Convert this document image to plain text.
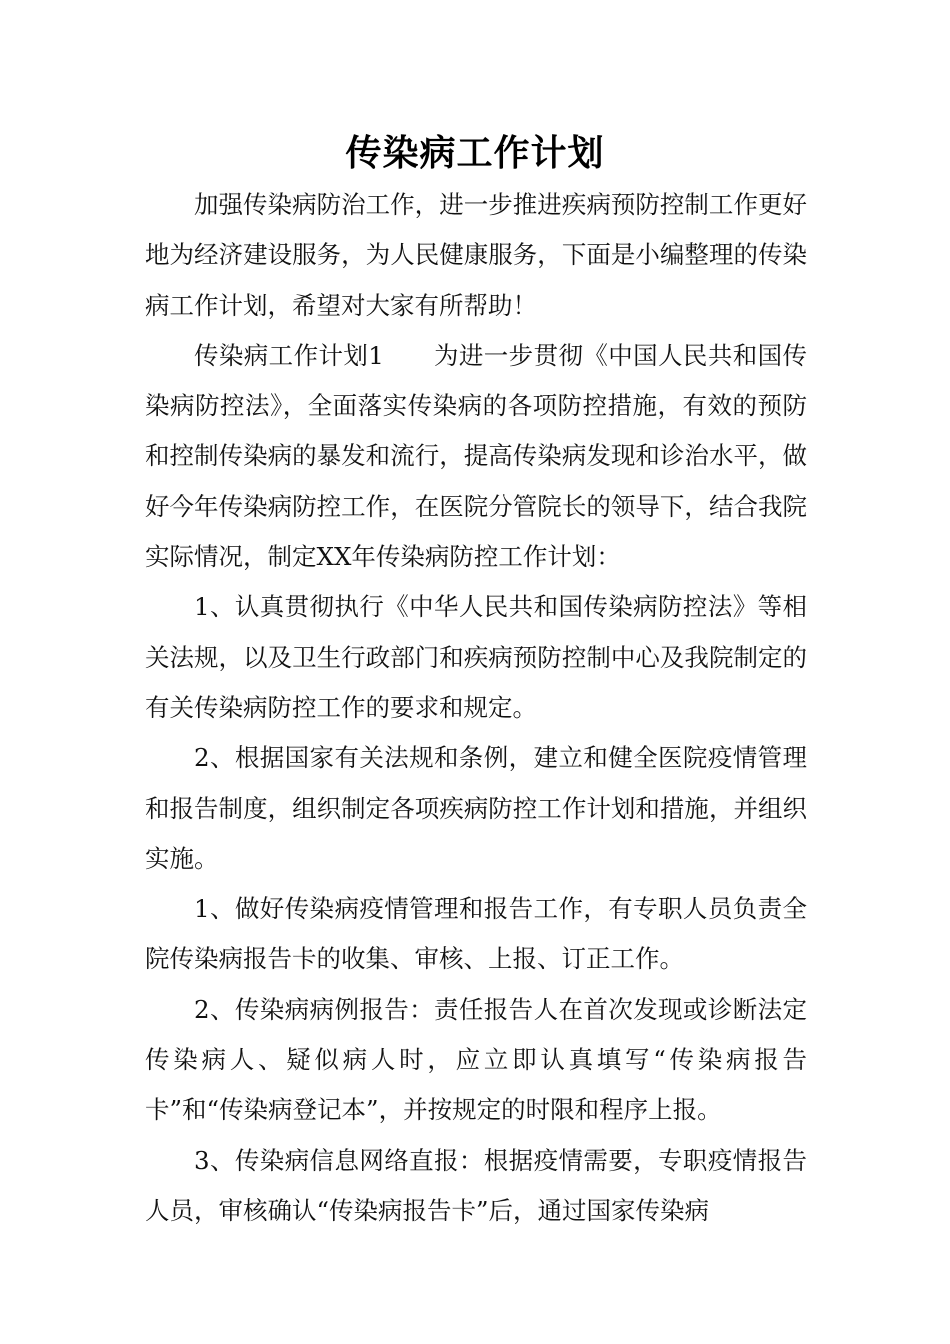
传染病工作计划

加强传染病防治工作，进一步推进疾病预防控制工作更好地为经济建设服务，为人民健康服务，下面是小编整理的传染病工作计划，希望对大家有所帮助！

传染病工作计划1　　为进一步贯彻《中国人民共和国传染病防控法》，全面落实传染病的各项防控措施，有效的预防和控制传染病的暴发和流行，提高传染病发现和诊治水平，做好今年传染病防控工作，在医院分管院长的领导下，结合我院实际情况，制定XX年传染病防控工作计划：

1、认真贯彻执行《中华人民共和国传染病防控法》等相关法规，以及卫生行政部门和疾病预防控制中心及我院制定的有关传染病防控工作的要求和规定。

2、根据国家有关法规和条例，建立和健全医院疫情管理和报告制度，组织制定各项疾病防控工作计划和措施，并组织实施。

1、做好传染病疫情管理和报告工作，有专职人员负责全院传染病报告卡的收集、审核、上报、订正工作。

2、传染病病例报告：责任报告人在首次发现或诊断法定传染病人、疑似病人时，应立即认真填写“传染病报告卡”和“传染病登记本”，并按规定的时限和程序上报。

3、传染病信息网络直报：根据疫情需要，专职疫情报告人员，审核确认“传染病报告卡”后，通过国家传染病
